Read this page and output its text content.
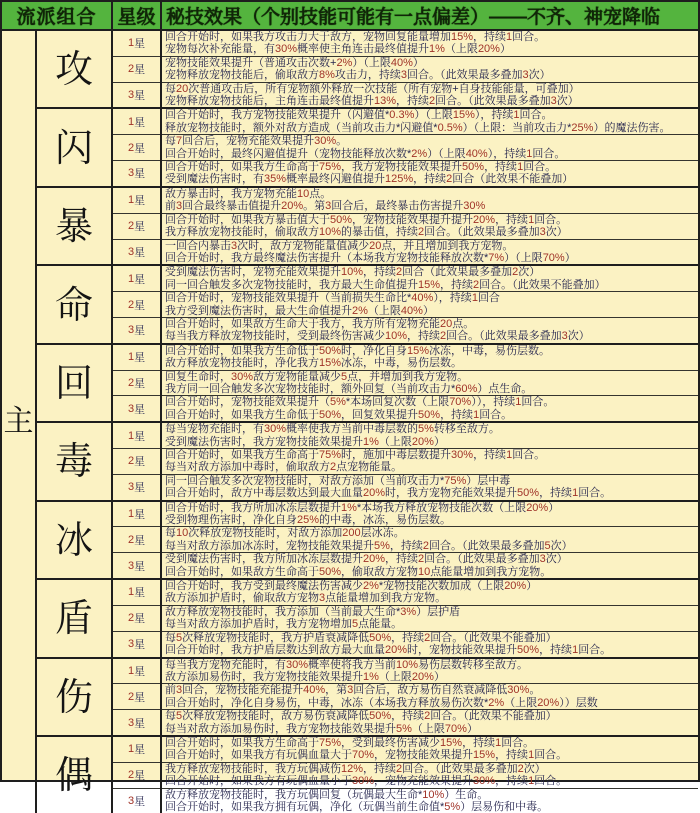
流派组合	星级 秘技效果（个别技能可能有一点偏差）——不齐、神宠降临
主
攻
1 星
2 星
3 星
回合开始时，如果我方攻击力大于敌方，宠物回复能量增加15%，持续1回合。
宠物每次补充能量，有30%概率使主角连击最终值提升1%（上限20%）
宠物技能效果提升（普通攻击次数+2%）（上限40%）
宠物释放宠物技能后，偷取敌方8%攻击力，持续3回合。（此效果最多叠加3次）
每20次普通攻击后，所有宠物额外释放一次技能（所有宠物+自身技能能量，可叠加）
宠物释放宠物技能后，主角连击最终值提升13%，持续2回合。（此效果最多叠加3次）
闪
1 星
2 星
3 星
回合开始时，我方宠物技能效果提升（闪避值*0.3%）（上限15%），持续1回合。
释放宠物技能时，额外对敌方造成（当前攻击力*闪避值*0.5%）（上限：当前攻击力*25%）的魔法伤害。
每7回合后，宠物充能效果提升30%。
回合开始时，最终闪避值提升（宠物技能释放次数*2%）（上限40%），持续1回合。
回合开始时，如果我方生命高于75%，我方宠物技能效果提升50%，持续1回合。
受到魔法伤害时，有35%概率最终闪避值提升125%，持续2回合（此效果不能叠加）
暴
1 星
2 星
3 星
敌方暴击时，我方宠物充能10点。
前3回合最终暴击值提升20%。第3回合后，最终暴击伤害提升30%
回合开始时，如果我方暴击值大于50%，宠物技能效果提升提升20%，持续1回合。
我方释放宠物技能时，偷取敌方10%的暴击值，持续2回合。（此效果最多叠加3次）
一回合内暴击3次时，敌方宠物能量值减少20点，并且增加到我方宠物。
回合开始时，我方最终魔法伤害提升（本场我方宠物技能释放次数*7%）（上限70%）
命
1 星
2 星
3 星
受到魔法伤害时，宠物充能效果提升10%，持续2回合（此效果最多叠加2次）
同一回合触发多次宠物技能时，我方最大生命值提升15%，持续2回合。（此效果不能叠加）
回合开始时，宠物技能效果提升（当前损失生命比*40%），持续1回合
我方受到魔法伤害时，最大生命值提升2%（上限40%）
回合开始时，如果敌方生命大于我方，我方所有宠物充能20点。
每当我方释放宠物技能时，受到最终伤害减少10%，持续2回合。（此效果最多叠加3次）
回
1 星
2 星
3 星
回合开始时，如果我方生命低于50%时，净化自身15%冰冻，中毒，易伤层数。
敌方释放宠物技能时，净化我方15%冰冻，中毒，易伤层数。
回复生命时，30%敌方宠物能量减少5点，并增加到我方宠物。
我方同一回合触发多次宠物技能时，额外回复（当前攻击力*60%）点生命。
回合开始时，宠物技能效果提升（5%*本场回复次数（上限70%）），持续1回合。
回合开始时，如果我方生命低于50%，回复效果提升50%，持续1回合。
毒
1 星
2 星
3 星
每当宠物充能时，有30%概率使我方当前中毒层数的5%转移至敌方。
受到魔法伤害时，我方宠物技能效果提升1%（上限20%）
回合开始时，如果我方生命高于75%时，施加中毒层数提升30%，持续1回合。
每当对敌方添加中毒时，偷取敌方2点宠物能量。
同一回合触发多次宠物技能时，对敌方添加（当前攻击力*75%）层中毒
回合开始时，敌方中毒层数达到最大血量20%时，我方宠物充能效果提升50%，持续1回合。
冰
1 星
2 星
3 星
回合开始时，我方所加冰冻层数提升1%*本场我方释放宠物技能次数（上限20%）
受到物理伤害时，净化自身25%的中毒，冰冻，易伤层数。
每10次释放宠物技能时，对敌方添加200层冰冻。
每当对敌方添加冰冻时，宠物技能效果提升5%，持续2回合。（此效果最多叠加5次）
受到魔法伤害时，我方所加冰冻层数提升20%，持续2回合。（此效果最多叠加3次）
回合开始时，如果敌方生命高于50%，偷取敌方宠物10点能量增加到我方宠物。
盾
1 星
2 星
3 星
回合开始时，我方受到最终魔法伤害减少2%*宠物技能次数加成（上限20%）
敌方添加护盾时，偷取敌方宠物3点能量增加到我方宠物。
敌方释放宠物技能时，我方添加（当前最大生命*3%）层护盾
每当对敌方添加护盾时，我方宠物增加5点能量。
每5次释放宠物技能时，我方护盾衰减降低50%，持续2回合。（此效果不能叠加）
回合开始时，我方护盾层数达到敌方最大血量20%时，宠物技能效果提升50%，持续1回合。
伤
1 星
2 星
3 星
每当我方宠物充能时，有30%概率使将我方当前10%易伤层数转移至敌方。
敌方添加易伤时，我方宠物技能效果提升1%（上限20%）
前3回合，宠物技能充能提升40%，第3回合后，敌方易伤自然衰减降低30%。
回合开始时，净化自身易伤，中毒，冰冻（本场我方释放易伤次数*2%（上限20%））层数
每5次释放宠物技能时，敌方易伤衰减降低50%，持续2回合。（此效果不能叠加）
每当对敌方添加易伤时，我方宠物技能效果提升5%（上限70%）
偶
1 星
2 星
3 星
回合开始时，如果我方生命高于75%，受到最终伤害减少15%，持续1回合。
回合开始时，如果我方有玩偶血量大于70%，宠物技能效果提升15%，持续1回合。
我方释放宠物技能时，我方玩偶减伤12%，持续2回合。（此效果最多叠加2次）
回合开始时，如果我方有玩偶血量小于30%，宠物充能效果提升30%，持续1回合。
敌方释放宠物技能时，我方玩偶回复（玩偶最大生命*10%）生命。
回合开始时，如果我方拥有玩偶，净化（玩偶当前生命值*5%）层易伤和中毒。
